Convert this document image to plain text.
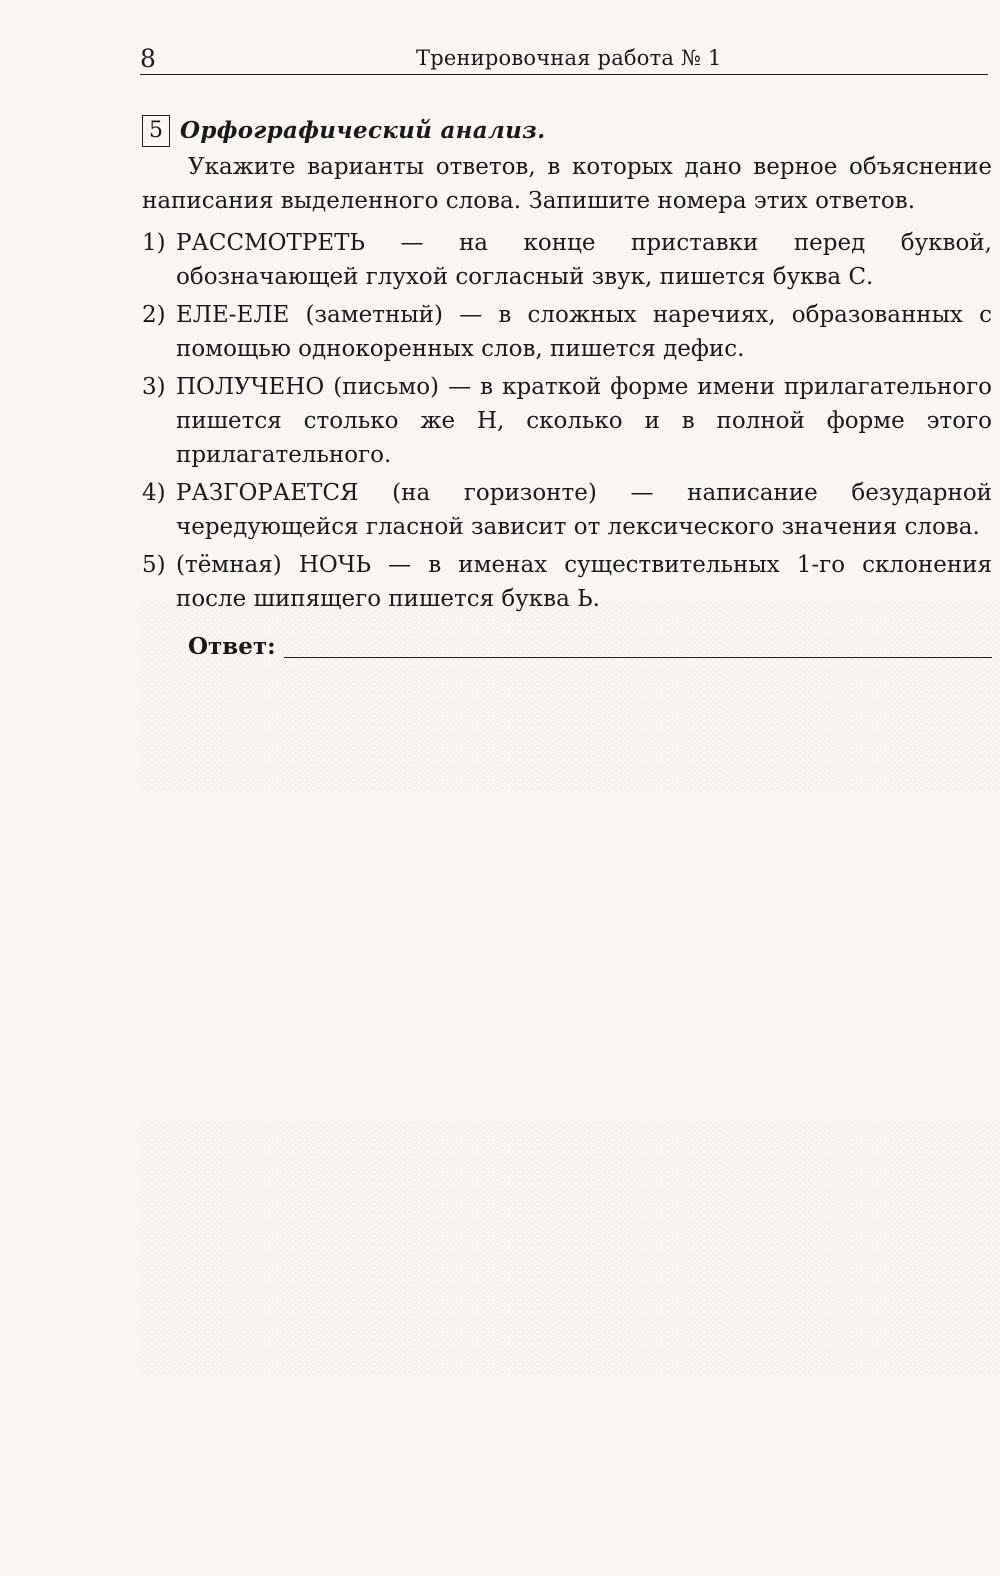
8	Тренировочная работа № 1
5 Орфографический анализ.

Укажите варианты ответов, в которых дано верное объяснение написания выделенного слова. Запишите номера этих ответов.

1) РАССМОТРЕТЬ — на конце приставки перед буквой, обозначающей глухой согласный звук, пишется буква С.
2) ЕЛЕ-ЕЛЕ (заметный) — в сложных наречиях, образованных с помощью однокоренных слов, пишется дефис.
3) ПОЛУЧЕНО (письмо) — в краткой форме имени прилагательного пишется столько же Н, сколько и в полной форме этого прилагательного.
4) РАЗГОРАЕТСЯ (на горизонте) — написание безударной чередующейся гласной зависит от лексического значения слова.
5) (тёмная) НОЧЬ — в именах существительных 1-го склонения после шипящего пишется буква Ь.
Ответ:
